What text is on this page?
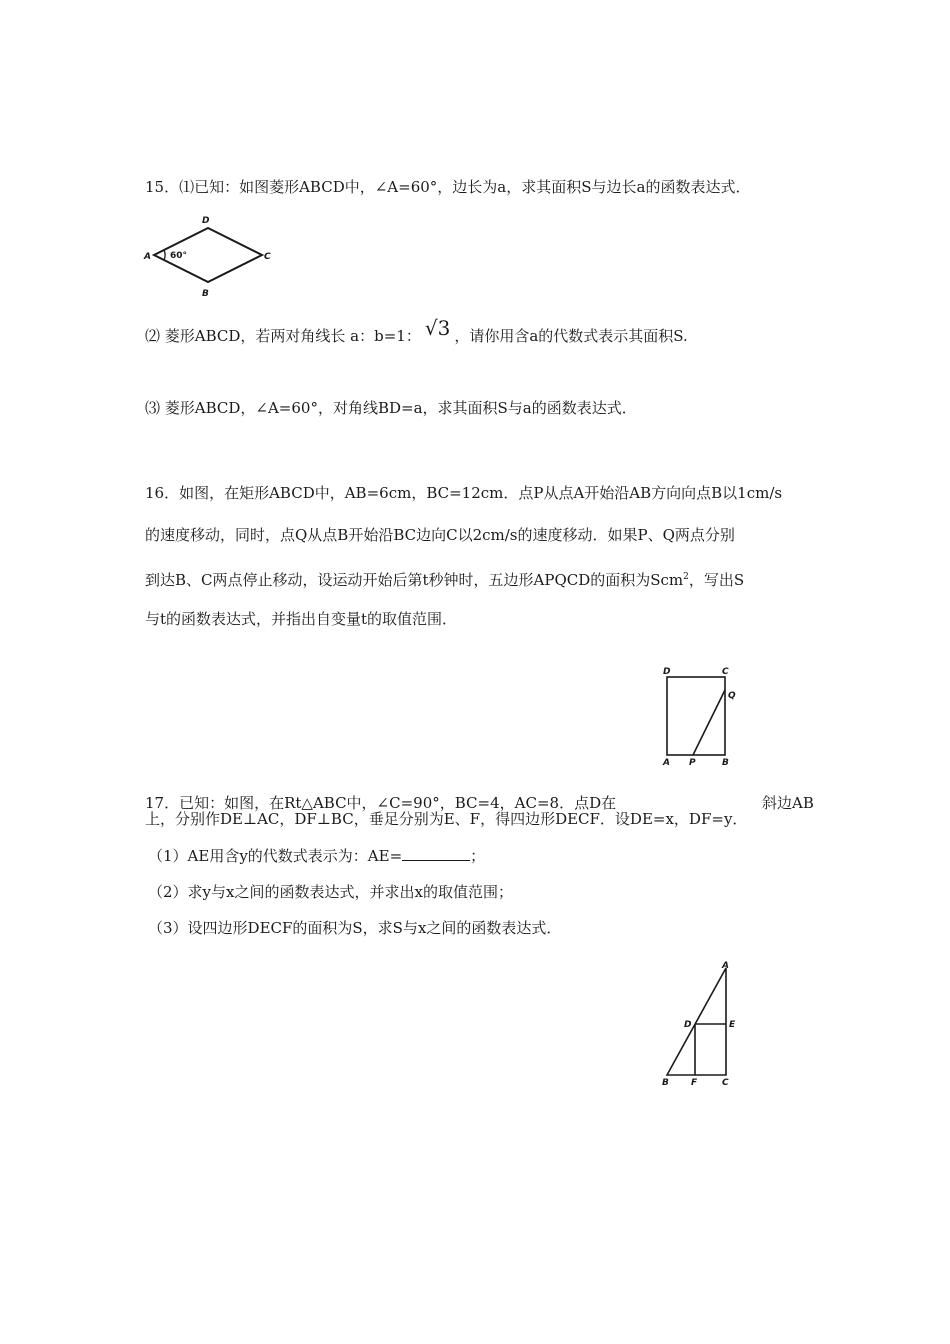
15．⑴已知：如图菱形ABCD中，∠A=60°，边长为a，求其面积S与边长a的函数表达式．
A
D
C
B
60°
⑵ 菱形ABCD，若两对角线长 a：b=1： √3 ，请你用含a的代数式表示其面积S.
⑶ 菱形ABCD，∠A=60°，对角线BD=a，求其面积S与a的函数表达式．
16．如图，在矩形ABCD中，AB=6cm，BC=12cm．点P从点A开始沿AB方向向点B以1cm/s
的速度移动，同时，点Q从点B开始沿BC边向C以2cm/s的速度移动．如果P、Q两点分别
到达B、C两点停止移动，设运动开始后第t秒钟时，五边形APQCD的面积为Scm$^2$，写出S
与t的函数表达式，并指出自变量t的取值范围．
D	C
Q
A P	B
17．已知：如图，在Rt△ABC中，∠C=90°，BC=4，AC=8．点D在	斜边AB
上，分别作DE⊥AC，DF⊥BC，垂足分别为E、F，得四边形DECF．设DE=x，DF=y．
（1）AE用含y的代数式表示为：AE=	；
（2）求y与x之间的函数表达式，并求出x的取值范围；
（3）设四边形DECF的面积为S，求S与x之间的函数表达式．
A
D	E
B F	C
